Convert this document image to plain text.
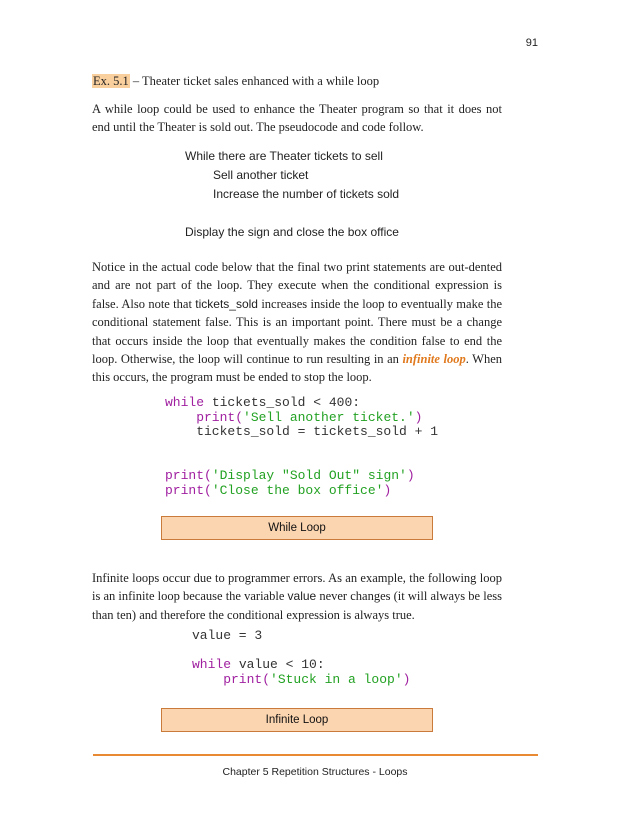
91
Ex. 5.1 – Theater ticket sales enhanced with a while loop

A while loop could be used to enhance the Theater program so that it does not end until the Theater is sold out. The pseudocode and code follow.

While there are Theater tickets to sell
Sell another ticket
Increase the number of tickets sold
Display the sign and close the box office

Notice in the actual code below that the final two print statements are out-dented and are not part of the loop. They execute when the conditional expression is false. Also note that tickets_sold increases inside the loop to eventually make the conditional statement false. This is an important point. There must be a change that occurs inside the loop that eventually makes the condition false to end the loop. Otherwise, the loop will continue to run resulting in an infinite loop. When this occurs, the program must be ended to stop the loop.

while tickets_sold < 400:
print('Sell another ticket.')
tickets_sold = tickets_sold + 1

print('Display "Sold Out" sign')
print('Close the box office')
While Loop

Infinite loops occur due to programmer errors. As an example, the following loop is an infinite loop because the variable value never changes (it will always be less than ten) and therefore the conditional expression is always true.

value = 3

while value < 10:
print('Stuck in a loop')
Infinite Loop
Chapter 5 Repetition Structures - Loops
